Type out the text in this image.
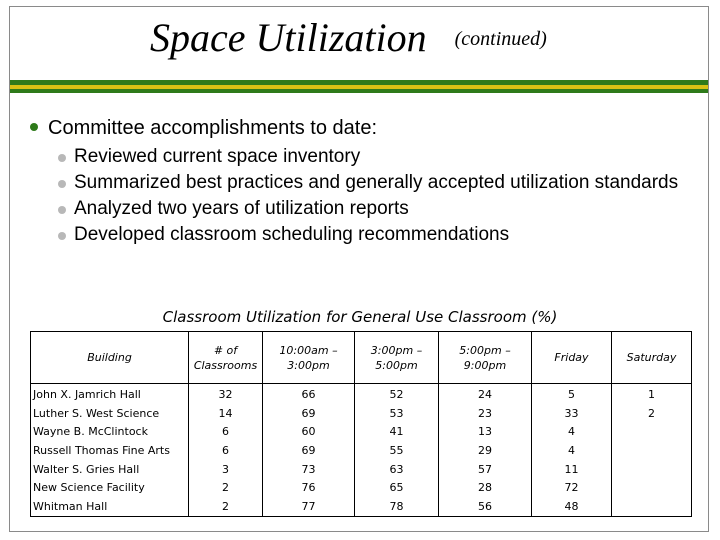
Space Utilization (continued)
Committee accomplishments to date:
Reviewed current space inventory
Summarized best practices and generally accepted utilization standards
Analyzed two years of utilization reports
Developed classroom scheduling recommendations
Classroom Utilization for General Use Classroom (%)
Building	# of Classrooms	10:00am – 3:00pm	3:00pm – 5:00pm	5:00pm – 9:00pm	Friday	Saturday
John X. Jamrich Hall	32	66	52	24	5	1
Luther S. West Science	14	69	53	23	33	2
Wayne B. McClintock	6	60	41	13	4	
Russell Thomas Fine Arts	6	69	55	29	4	
Walter S. Gries Hall	3	73	63	57	11	
New Science Facility	2	76	65	28	72	
Whitman Hall	2	77	78	56	48	
